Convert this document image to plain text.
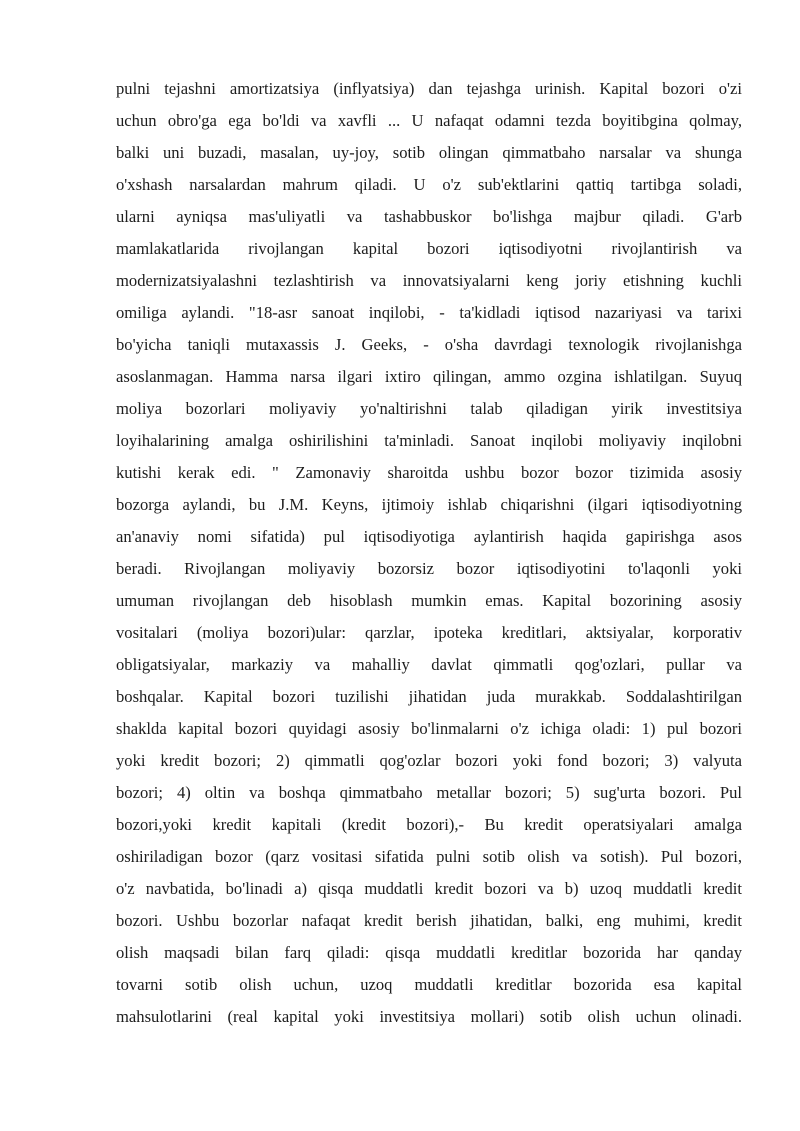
pulni tejashni amortizatsiya (inflyatsiya) dan tejashga urinish. Kapital bozori o'zi
uchun obro'ga ega bo'ldi va xavfli ... U nafaqat odamni tezda boyitibgina qolmay,
balki uni buzadi, masalan, uy-joy, sotib olingan qimmatbaho narsalar va shunga
o'xshash narsalardan mahrum qiladi. U o'z sub'ektlarini qattiq tartibga soladi,
ularni ayniqsa mas'uliyatli va tashabbuskor bo'lishga majbur qiladi. G'arb
mamlakatlarida rivojlangan kapital bozori iqtisodiyotni rivojlantirish va
modernizatsiyalashni tezlashtirish va innovatsiyalarni keng joriy etishning kuchli
omiliga aylandi. "18-asr sanoat inqilobi, - ta'kidladi iqtisod nazariyasi va tarixi
bo'yicha taniqli mutaxassis J. Geeks, - o'sha davrdagi texnologik rivojlanishga
asoslanmagan. Hamma narsa ilgari ixtiro qilingan, ammo ozgina ishlatilgan. Suyuq
moliya bozorlari moliyaviy yo'naltirishni talab qiladigan yirik investitsiya
loyihalarining amalga oshirilishini ta'minladi. Sanoat inqilobi moliyaviy inqilobni
kutishi kerak edi. " Zamonaviy sharoitda ushbu bozor bozor tizimida asosiy
bozorga aylandi, bu J.M. Keyns, ijtimoiy ishlab chiqarishni (ilgari iqtisodiyotning
an'anaviy nomi sifatida) pul iqtisodiyotiga aylantirish haqida gapirishga asos
beradi. Rivojlangan moliyaviy bozorsiz bozor iqtisodiyotini to'laqonli yoki
umuman rivojlangan deb hisoblash mumkin emas. Kapital bozorining asosiy
vositalari (moliya bozori)ular: qarzlar, ipoteka kreditlari, aktsiyalar, korporativ
obligatsiyalar, markaziy va mahalliy davlat qimmatli qog'ozlari, pullar va
boshqalar. Kapital bozori tuzilishi jihatidan juda murakkab. Soddalashtirilgan
shaklda kapital bozori quyidagi asosiy bo'linmalarni o'z ichiga oladi: 1) pul bozori
yoki kredit bozori; 2) qimmatli qog'ozlar bozori yoki fond bozori; 3) valyuta
bozori; 4) oltin va boshqa qimmatbaho metallar bozori; 5) sug'urta bozori. Pul
bozori,yoki kredit kapitali (kredit bozori),- Bu kredit operatsiyalari amalga
oshiriladigan bozor (qarz vositasi sifatida pulni sotib olish va sotish). Pul bozori,
o'z navbatida, bo'linadi a) qisqa muddatli kredit bozori va b) uzoq muddatli kredit
bozori. Ushbu bozorlar nafaqat kredit berish jihatidan, balki, eng muhimi, kredit
olish maqsadi bilan farq qiladi: qisqa muddatli kreditlar bozorida har qanday
tovarni sotib olish uchun, uzoq muddatli kreditlar bozorida esa kapital
mahsulotlarini (real kapital yoki investitsiya mollari) sotib olish uchun olinadi.
